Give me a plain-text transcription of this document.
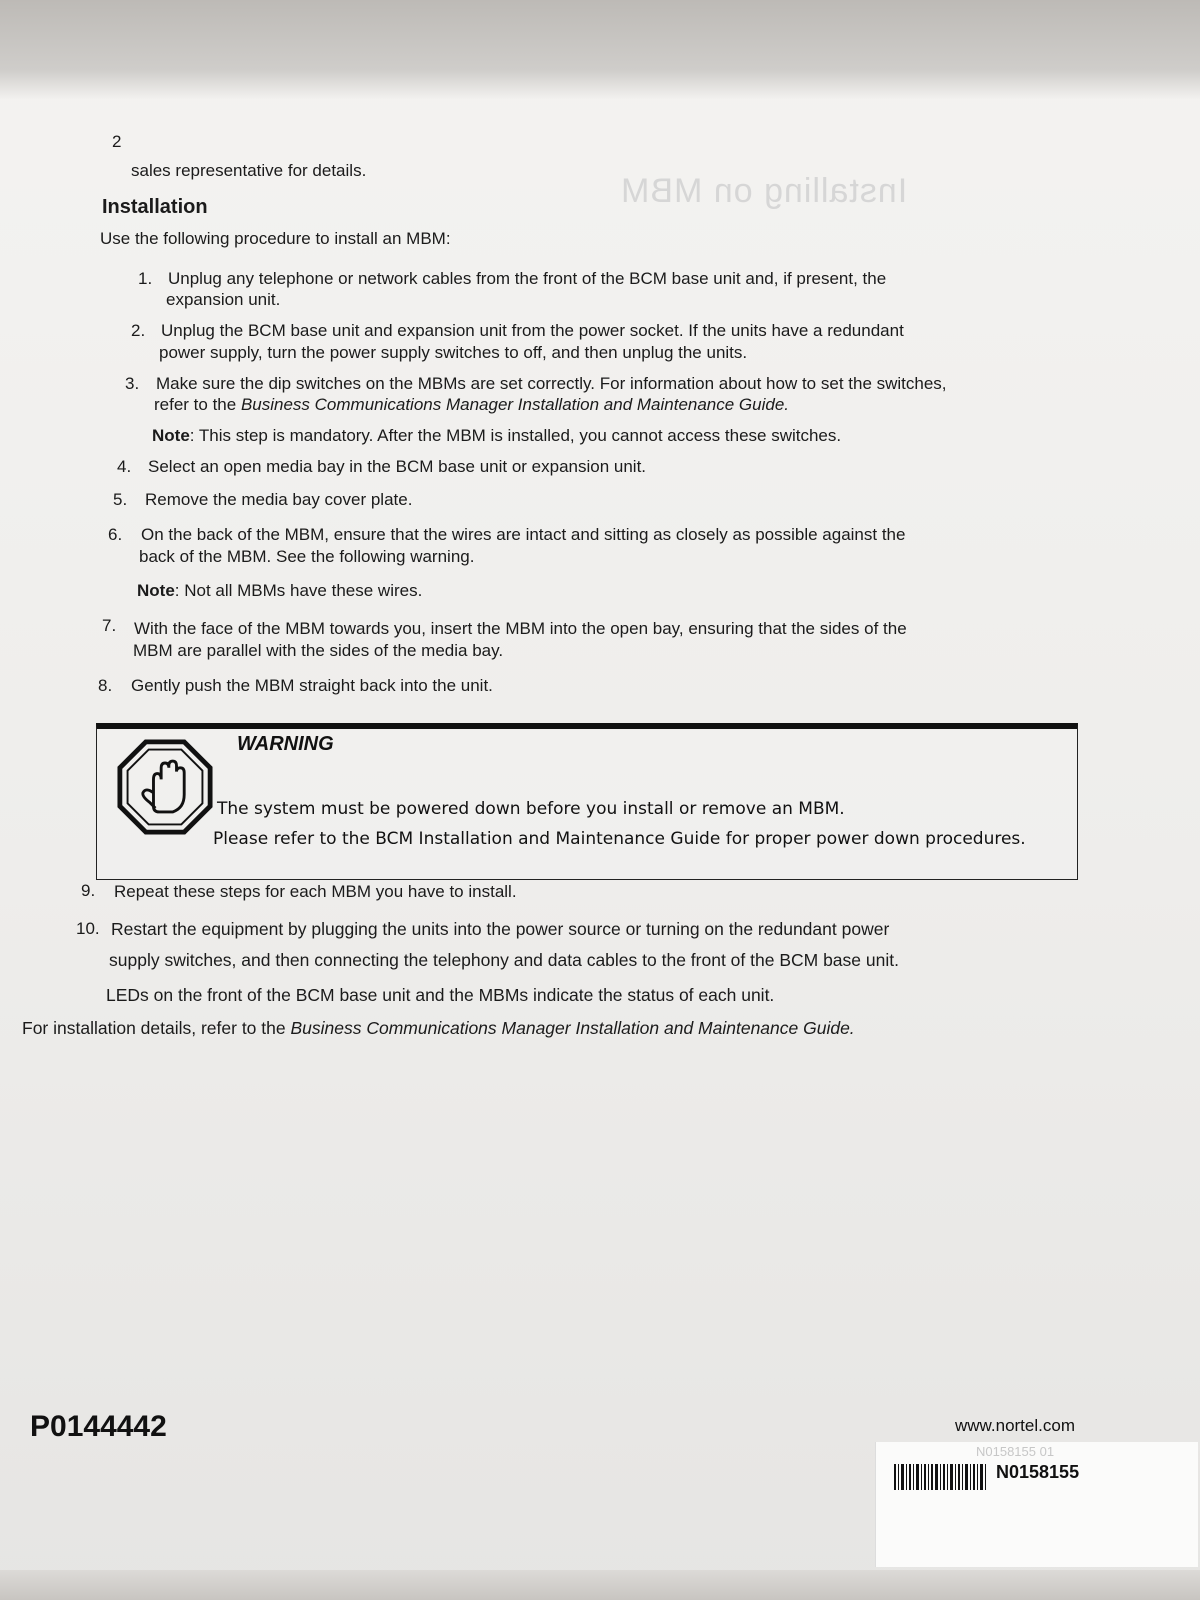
Installing on MBM
2
sales representative for details.
Installation
Use the following procedure to install an MBM:
1. Unplug any telephone or network cables from the front of the BCM base unit and, if present, the
expansion unit.
2. Unplug the BCM base unit and expansion unit from the power socket. If the units have a redundant
power supply, turn the power supply switches to off, and then unplug the units.
3. Make sure the dip switches on the MBMs are set correctly. For information about how to set the switches,
refer to the Business Communications Manager Installation and Maintenance Guide.
Note: This step is mandatory. After the MBM is installed, you cannot access these switches.
4. Select an open media bay in the BCM base unit or expansion unit.
5. Remove the media bay cover plate.
6. On the back of the MBM, ensure that the wires are intact and sitting as closely as possible against the
back of the MBM. See the following warning.
Note: Not all MBMs have these wires.
7. With the face of the MBM towards you, insert the MBM into the open bay, ensuring that the sides of the
MBM are parallel with the sides of the media bay.
8. Gently push the MBM straight back into the unit.
WARNING
The system must be powered down before you install or remove an MBM.
Please refer to the BCM Installation and Maintenance Guide for proper power down procedures.
9. Repeat these steps for each MBM you have to install.
10. Restart the equipment by plugging the units into the power source or turning on the redundant power
supply switches, and then connecting the telephony and data cables to the front of the BCM base unit.
LEDs on the front of the BCM base unit and the MBMs indicate the status of each unit.
For installation details, refer to the Business Communications Manager Installation and Maintenance Guide.
P0144442	www.nortel.com
N0158155 01
N0158155
